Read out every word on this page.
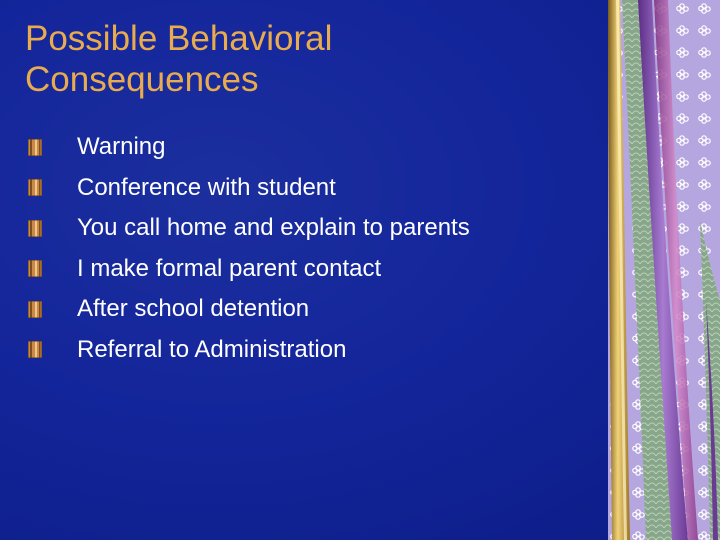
Possible Behavioral
Consequences
Warning
Conference with student
You call home and explain to parents
I make formal parent contact
After school detention
Referral to Administration
